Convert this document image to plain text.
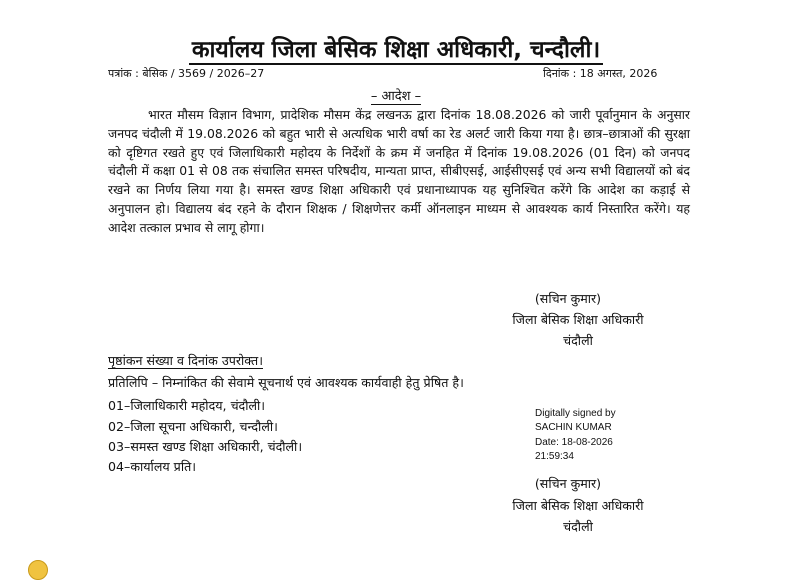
कार्यालय जिला बेसिक शिक्षा अधिकारी, चन्दौली।
पत्रांक : बेसिक / 3569 / 2026–27	दिनांक : 18 अगस्त, 2026
– आदेश –
भारत मौसम विज्ञान विभाग, प्रादेशिक मौसम केंद्र लखनऊ द्वारा दिनांक 18.08.2026 को जारी पूर्वानुमान के अनुसार जनपद चंदौली में 19.08.2026 को बहुत भारी से अत्यधिक भारी वर्षा का रेड अलर्ट जारी किया गया है। छात्र–छात्राओं की सुरक्षा को दृष्टिगत रखते हुए एवं जिलाधिकारी महोदय के निर्देशों के क्रम में जनहित में दिनांक 19.08.2026 (01 दिन) को जनपद चंदौली में कक्षा 01 से 08 तक संचालित समस्त परिषदीय, मान्यता प्राप्त, सीबीएसई, आईसीएसई एवं अन्य सभी विद्यालयों को बंद रखने का निर्णय लिया गया है। समस्त खण्ड शिक्षा अधिकारी एवं प्रधानाध्यापक यह सुनिश्चित करेंगे कि आदेश का कड़ाई से अनुपालन हो। विद्यालय बंद रहने के दौरान शिक्षक / शिक्षणेत्तर कर्मी ऑनलाइन माध्यम से आवश्यक कार्य निस्तारित करेंगे। यह आदेश तत्काल प्रभाव से लागू होगा।
(सचिन कुमार)
जिला बेसिक शिक्षा अधिकारी
चंदौली
पृष्ठांकन संख्या व दिनांक उपरोक्त।
प्रतिलिपि – निम्नांकित की सेवामे सूचनार्थ एवं आवश्यक कार्यवाही हेतु प्रेषित है।
01–जिलाधिकारी महोदय, चंदौली।
02–जिला सूचना अधिकारी, चन्दौली।
03–समस्त खण्ड शिक्षा अधिकारी, चंदौली।
04–कार्यालय प्रति।
Digitally signed by
SACHIN KUMAR
Date: 18-08-2026
21:59:34
(सचिन कुमार)
जिला बेसिक शिक्षा अधिकारी
चंदौली
